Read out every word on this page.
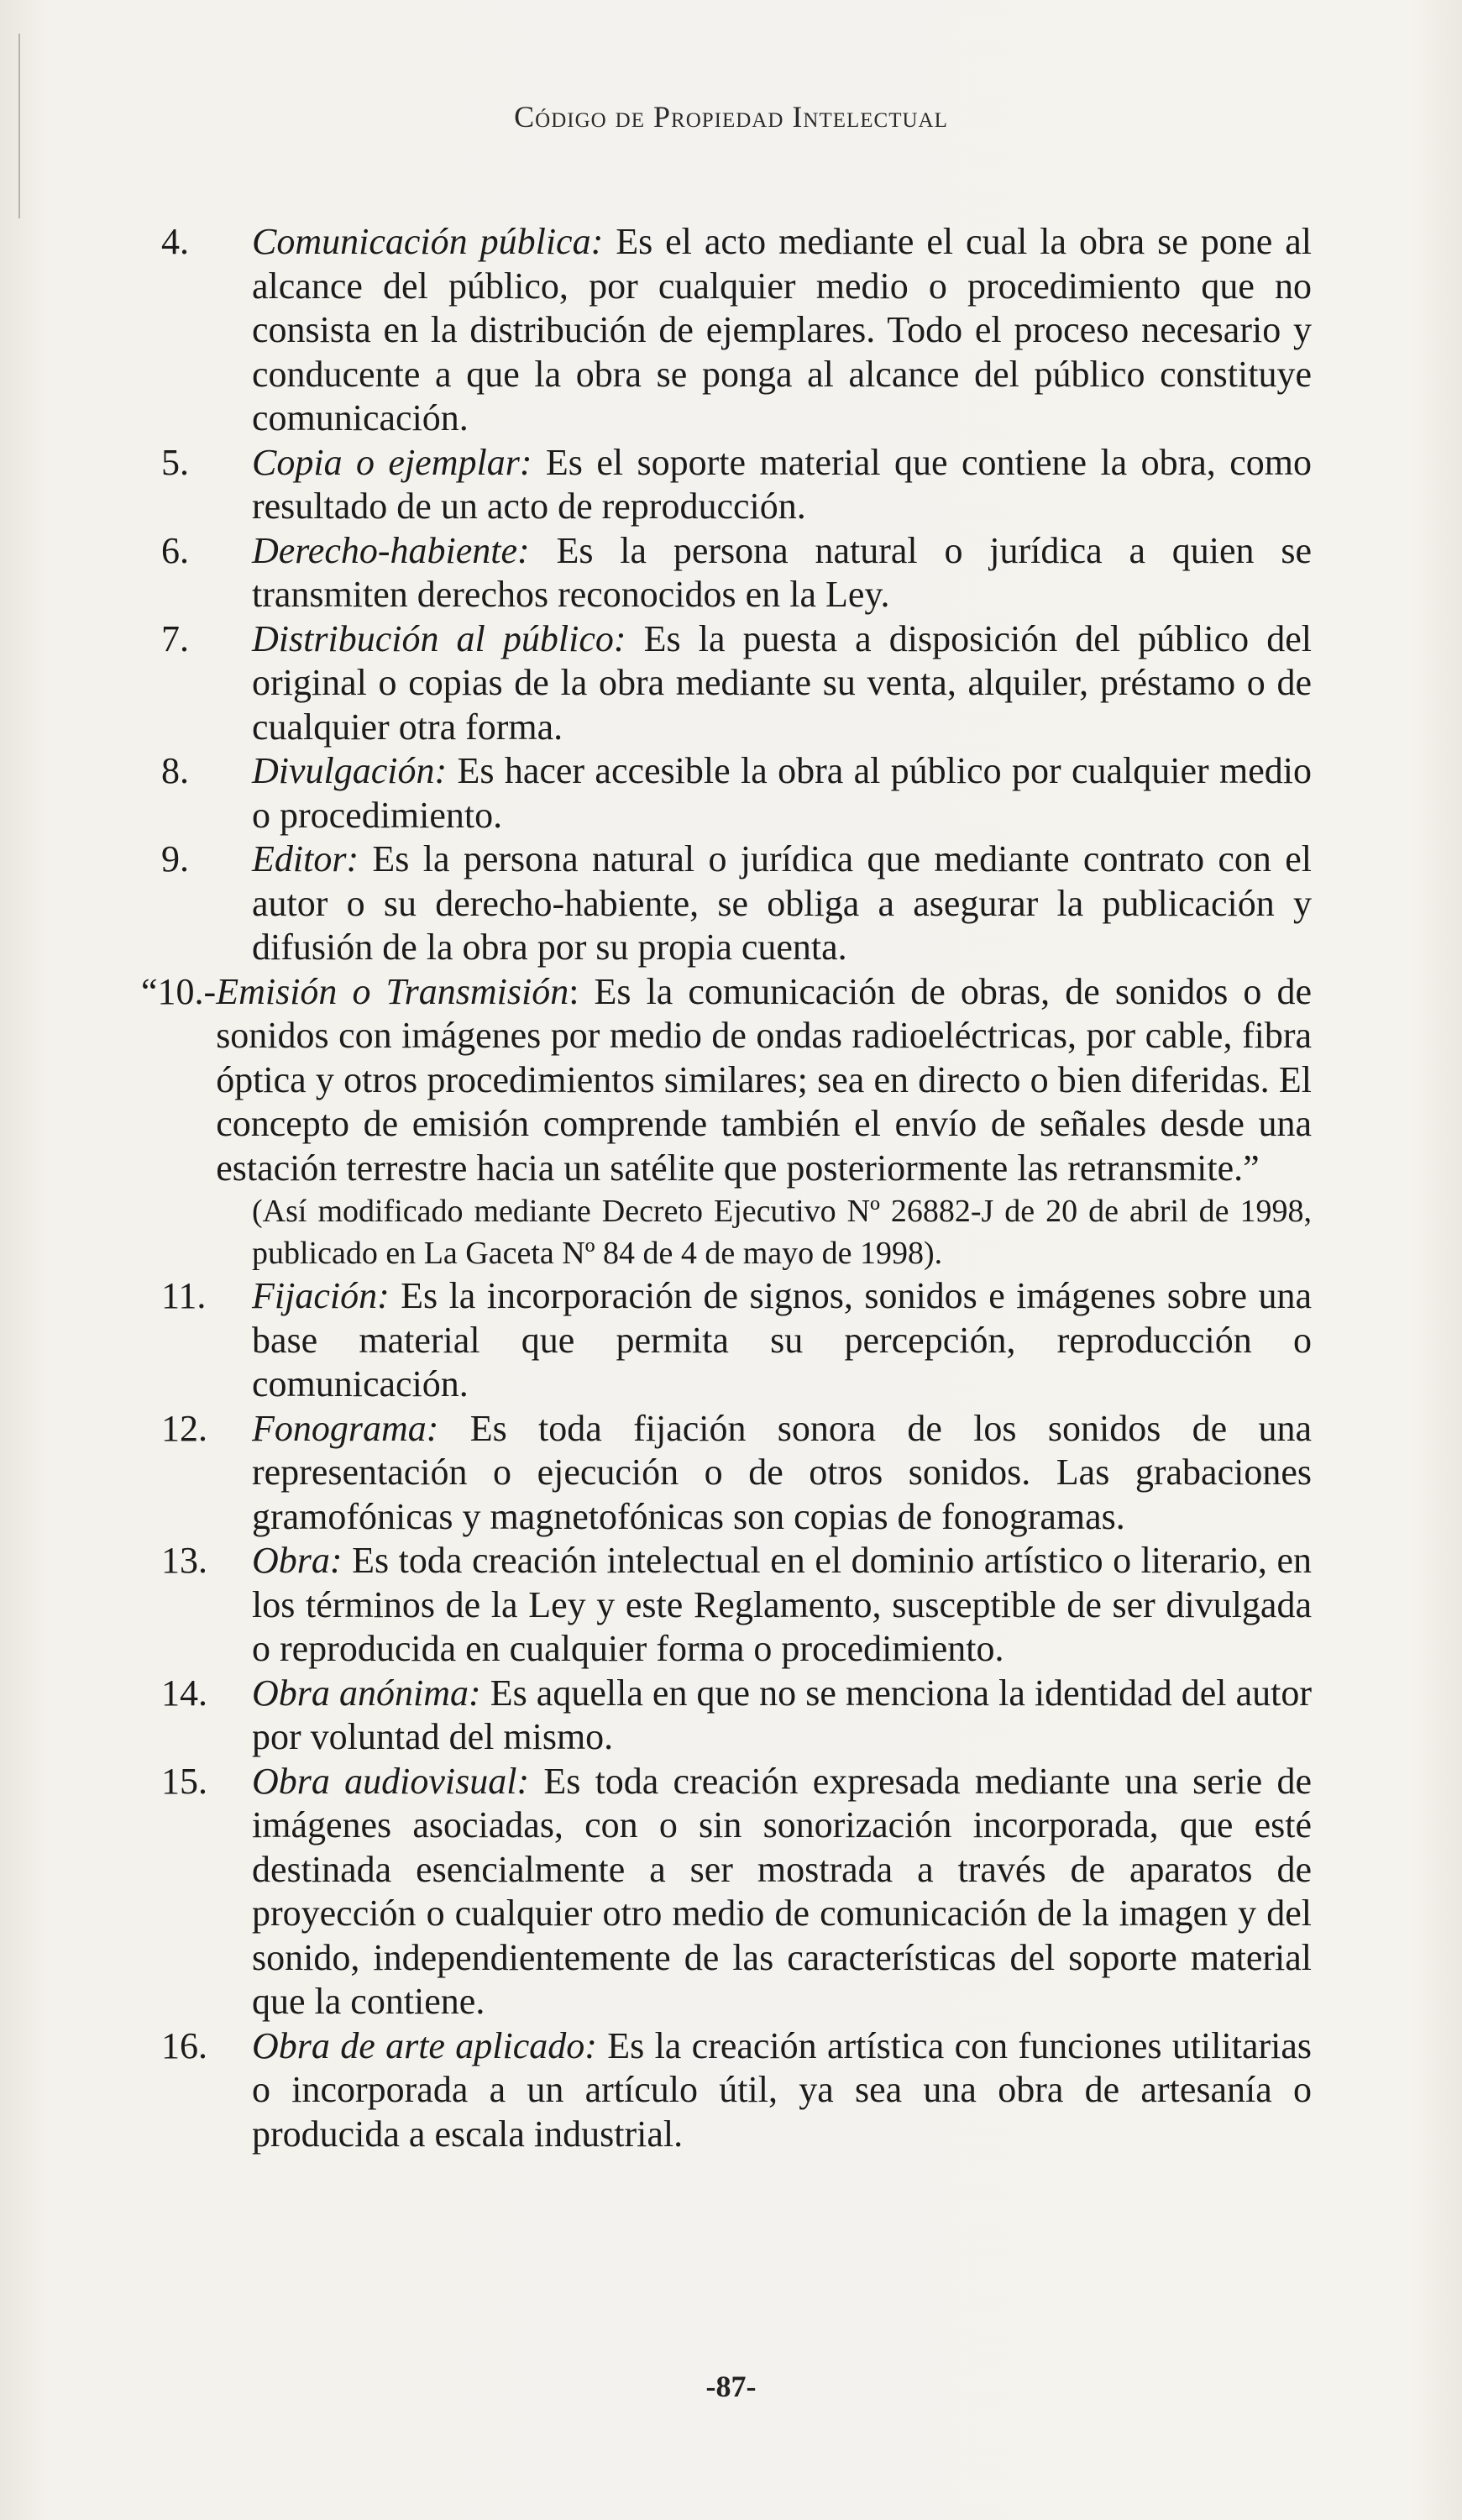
Código de Propiedad Intelectual
4.	Comunicación pública: Es el acto mediante el cual la obra se pone al alcance del público, por cualquier medio o procedimiento que no consista en la distribución de ejemplares. Todo el proceso necesario y conducente a que la obra se ponga al alcance del público constituye comunicación.
5.	Copia o ejemplar: Es el soporte material que contiene la obra, como resultado de un acto de reproducción.
6.	Derecho-habiente: Es la persona natural o jurídica a quien se transmiten derechos reconocidos en la Ley.
7.	Distribución al público: Es la puesta a disposición del público del original o copias de la obra mediante su venta, alquiler, préstamo o de cualquier otra forma.
8.	Divulgación: Es hacer accesible la obra al público por cualquier medio o procedimiento.
9.	Editor: Es la persona natural o jurídica que mediante contrato con el autor o su derecho-habiente, se obliga a asegurar la publicación y difusión de la obra por su propia cuenta.
“10.- Emisión o Transmisión: Es la comunicación de obras, de sonidos o de sonidos con imágenes por medio de ondas radioeléctricas, por cable, fibra óptica y otros procedimientos similares; sea en directo o bien diferidas. El concepto de emisión comprende también el envío de señales desde una estación terrestre hacia un satélite que posteriormente las retransmite.”
(Así modificado mediante Decreto Ejecutivo Nº 26882-J de 20 de abril de 1998, publicado en La Gaceta Nº 84 de 4 de mayo de 1998).
11.	Fijación: Es la incorporación de signos, sonidos e imágenes sobre una base material que permita su percepción, reproducción o comunicación.
12.	Fonograma: Es toda fijación sonora de los sonidos de una representación o ejecución o de otros sonidos. Las grabaciones gramofónicas y magnetofónicas son copias de fonogramas.
13.	Obra: Es toda creación intelectual en el dominio artístico o literario, en los términos de la Ley y este Reglamento, susceptible de ser divulgada o reproducida en cualquier forma o procedimiento.
14.	Obra anónima: Es aquella en que no se menciona la identidad del autor por voluntad del mismo.
15.	Obra audiovisual: Es toda creación expresada mediante una serie de imágenes asociadas, con o sin sonorización incorporada, que esté destinada esencialmente a ser mostrada a través de aparatos de proyección o cualquier otro medio de comunicación de la imagen y del sonido, independientemente de las características del soporte material que la contiene.
16.	Obra de arte aplicado: Es la creación artística con funciones utilitarias o incorporada a un artículo útil, ya sea una obra de artesanía o producida a escala industrial.
-87-
